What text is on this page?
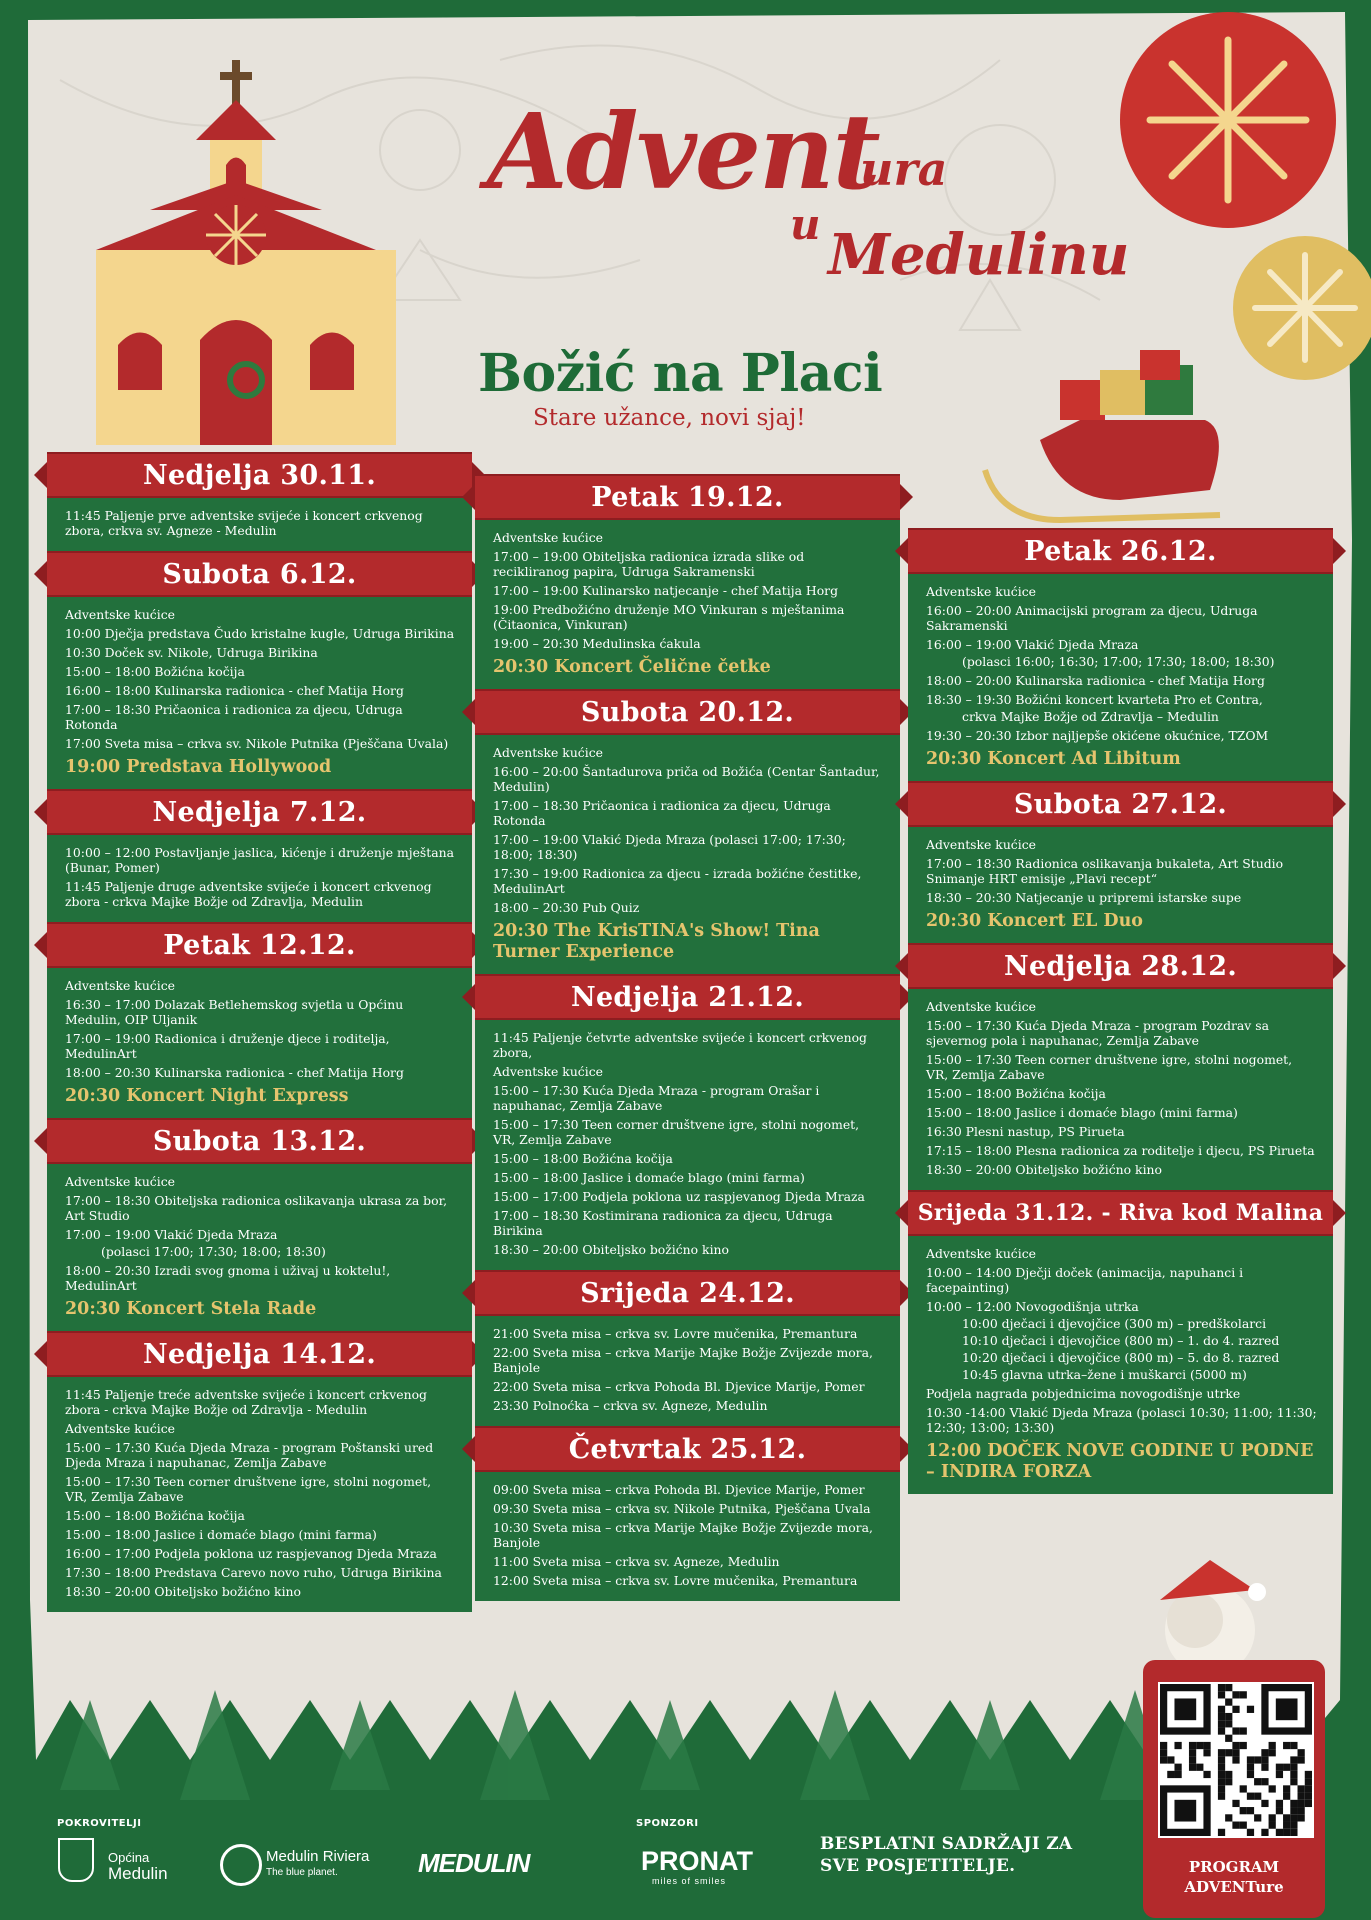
Advent
ura
u Medulinu
Božić na Placi
Stare užance, novi sjaj!
Nedjelja 30.11.
11:45 Paljenje prve adventske svijeće i koncert crkvenog zbora, crkva sv. Agneze - Medulin
Subota 6.12.
Adventske kućice
10:00 Dječja predstava Čudo kristalne kugle, Udruga Birikina
10:30 Doček sv. Nikole, Udruga Birikina
15:00 – 18:00 Božićna kočija
16:00 – 18:00 Kulinarska radionica - chef Matija Horg
17:00 – 18:30 Pričaonica i radionica za djecu, Udruga Rotonda
17:00 Sveta misa – crkva sv. Nikole Putnika (Pješčana Uvala)
19:00 Predstava Hollywood
Nedjelja 7.12.
10:00 – 12:00 Postavljanje jaslica, kićenje i druženje mještana (Bunar, Pomer)
11:45 Paljenje druge adventske svijeće i koncert crkvenog zbora - crkva Majke Božje od Zdravlja, Medulin
Petak 12.12.
Adventske kućice
16:30 – 17:00 Dolazak Betlehemskog svjetla u Općinu Medulin, OIP Uljanik
17:00 – 19:00 Radionica i druženje djece i roditelja, MedulinArt
18:00 – 20:30 Kulinarska radionica - chef Matija Horg
20:30 Koncert Night Express
Subota 13.12.
Adventske kućice
17:00 – 18:30 Obiteljska radionica oslikavanja ukrasa za bor, Art Studio
17:00 – 19:00 Vlakić Djeda Mraza
(polasci 17:00; 17:30; 18:00; 18:30)
18:00 – 20:30 Izradi svog gnoma i uživaj u koktelu!, MedulinArt
20:30 Koncert Stela Rade
Nedjelja 14.12.
11:45 Paljenje treće adventske svijeće i koncert crkvenog zbora - crkva Majke Božje od Zdravlja - Medulin
Adventske kućice
15:00 – 17:30 Kuća Djeda Mraza - program Poštanski ured Djeda Mraza i napuhanac, Zemlja Zabave
15:00 – 17:30 Teen corner društvene igre, stolni nogomet, VR, Zemlja Zabave
15:00 – 18:00 Božićna kočija
15:00 – 18:00 Jaslice i domaće blago (mini farma)
16:00 – 17:00 Podjela poklona uz raspjevanog Djeda Mraza
17:30 – 18:00 Predstava Carevo novo ruho, Udruga Birikina
18:30 – 20:00 Obiteljsko božićno kino
Petak 19.12.
Adventske kućice
17:00 – 19:00 Obiteljska radionica izrada slike od recikliranog papira, Udruga Sakramenski
17:00 – 19:00 Kulinarsko natjecanje - chef Matija Horg
19:00 Predbožićno druženje MO Vinkuran s mještanima (Čitaonica, Vinkuran)
19:00 – 20:30 Medulinska ćakula
20:30 Koncert Čelične četke
Subota 20.12.
Adventske kućice
16:00 – 20:00 Šantadurova priča od Božića (Centar Šantadur, Medulin)
17:00 – 18:30 Pričaonica i radionica za djecu, Udruga Rotonda
17:00 – 19:00 Vlakić Djeda Mraza (polasci 17:00; 17:30; 18:00; 18:30)
17:30 – 19:00 Radionica za djecu - izrada božićne čestitke, MedulinArt
18:00 – 20:30 Pub Quiz
20:30 The KrisTINA's Show! Tina Turner Experience
Nedjelja 21.12.
11:45 Paljenje četvrte adventske svijeće i koncert crkvenog zbora,
Adventske kućice
15:00 – 17:30 Kuća Djeda Mraza - program Orašar i napuhanac, Zemlja Zabave
15:00 – 17:30 Teen corner društvene igre, stolni nogomet, VR, Zemlja Zabave
15:00 – 18:00 Božićna kočija
15:00 – 18:00 Jaslice i domaće blago (mini farma)
15:00 – 17:00 Podjela poklona uz raspjevanog Djeda Mraza
17:00 – 18:30 Kostimirana radionica za djecu, Udruga Birikina
18:30 – 20:00 Obiteljsko božićno kino
Srijeda 24.12.
21:00 Sveta misa – crkva sv. Lovre mučenika, Premantura
22:00 Sveta misa – crkva Marije Majke Božje Zvijezde mora, Banjole
22:00 Sveta misa – crkva Pohoda Bl. Djevice Marije, Pomer
23:30 Polnoćka – crkva sv. Agneze, Medulin
Četvrtak 25.12.
09:00 Sveta misa – crkva Pohoda Bl. Djevice Marije, Pomer
09:30 Sveta misa – crkva sv. Nikole Putnika, Pješčana Uvala
10:30 Sveta misa – crkva Marije Majke Božje Zvijezde mora, Banjole
11:00 Sveta misa – crkva sv. Agneze, Medulin
12:00 Sveta misa – crkva sv. Lovre mučenika, Premantura
Petak 26.12.
Adventske kućice
16:00 – 20:00 Animacijski program za djecu, Udruga Sakramenski
16:00 – 19:00 Vlakić Djeda Mraza
(polasci 16:00; 16:30; 17:00; 17:30; 18:00; 18:30)
18:00 – 20:00 Kulinarska radionica - chef Matija Horg
18:30 – 19:30 Božićni koncert kvarteta Pro et Contra,
crkva Majke Božje od Zdravlja – Medulin
19:30 – 20:30 Izbor najljepše okićene okućnice, TZOM
20:30 Koncert Ad Libitum
Subota 27.12.
Adventske kućice
17:00 – 18:30 Radionica oslikavanja bukaleta, Art Studio Snimanje HRT emisije „Plavi recept“
18:30 – 20:30 Natjecanje u pripremi istarske supe
20:30 Koncert EL Duo
Nedjelja 28.12.
Adventske kućice
15:00 – 17:30 Kuća Djeda Mraza - program Pozdrav sa sjevernog pola i napuhanac, Zemlja Zabave
15:00 – 17:30 Teen corner društvene igre, stolni nogomet, VR, Zemlja Zabave
15:00 – 18:00 Božićna kočija
15:00 – 18:00 Jaslice i domaće blago (mini farma)
16:30 Plesni nastup, PS Pirueta
17:15 – 18:00 Plesna radionica za roditelje i djecu, PS Pirueta
18:30 – 20:00 Obiteljsko božićno kino
Srijeda 31.12. - Riva kod Malina
Adventske kućice
10:00 – 14:00 Dječji doček (animacija, napuhanci i facepainting)
10:00 – 12:00 Novogodišnja utrka
10:00 dječaci i djevojčice (300 m) – predškolarci
10:10 dječaci i djevojčice (800 m) – 1. do 4. razred
10:20 dječaci i djevojčice (800 m) – 5. do 8. razred
10:45 glavna utrka–žene i muškarci (5000 m)
Podjela nagrada pobjednicima novogodišnje utrke
10:30 -14:00 Vlakić Djeda Mraza (polasci 10:30; 11:00; 11:30; 12:30; 13:00; 13:30)
12:00 DOČEK NOVE GODINE U PODNE – INDIRA FORZA
POKROVITELJI
Općina
Medulin
Medulin Riviera
The blue planet.	MEDULIN
SPONZORI
PRONAT
miles of smiles
BESPLATNI SADRŽAJI ZA
SVE POSJETITELJE.	PROGRAM
ADVENTure
